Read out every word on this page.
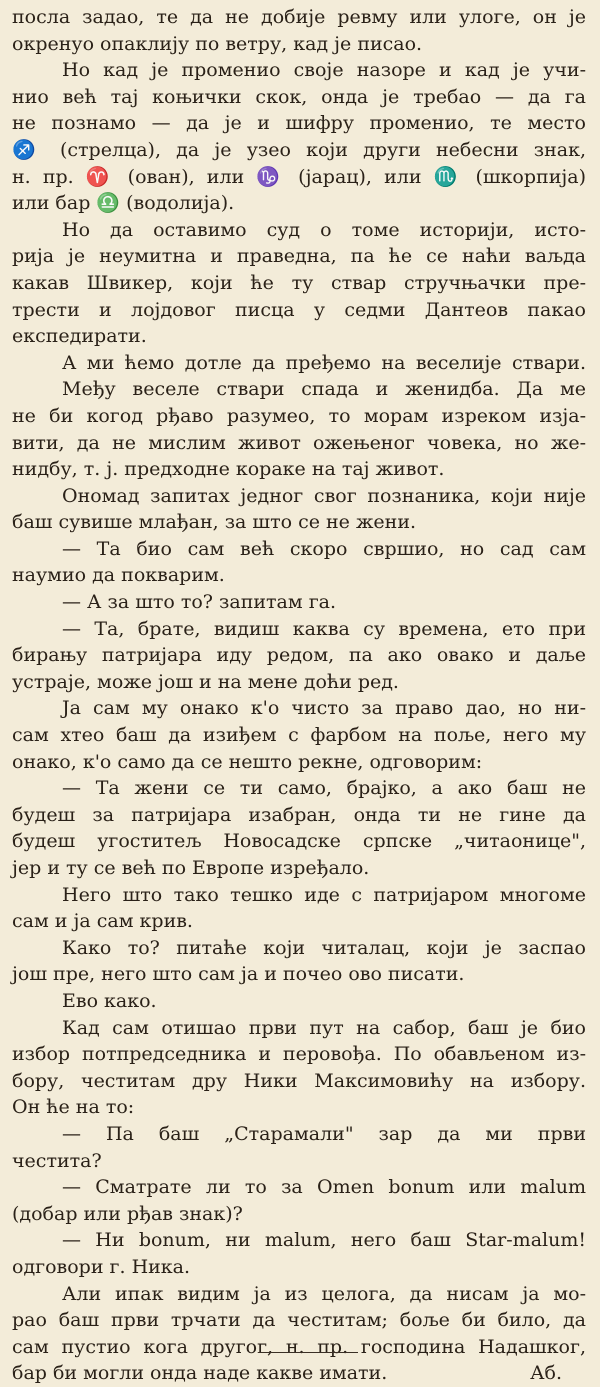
посла задао, те да не добије ревму или улоге, он је
окренуо опаклију по ветру, кад је писао.
Но кад је променио своје назоре и кад је учи-
нио већ тај коњички скок, онда је требао — да га
не познамо — да је и шифру променио, те место
♐ (стрелца), да је узео који други небесни знак,
н. пр. ♈ (ован), или ♑ (јарац), или ♏ (шкорпија)
или бар ♎ (водолија).
Но да оставимо суд о томе историји, исто-
рија је неумитна и праведна, па ће се наћи ваљда
какав Швикер, који ће ту ствар стручњачки пре-
трести и лојдовог писца у седми Дантеов пакао
експедирати.
А ми ћемо дотле да пређемо на веселије ствари.
Међу веселе ствари спада и женидба. Да ме
не би когод рђаво разумео, то морам изреком изја-
вити, да не мислим живот ожењеног човека, но же-
нидбу, т. ј. предходне кораке на тај живот.
Ономад запитах једног свог познаника, који није
баш сувише млађан, за што се не жени.
— Та био сам већ скоро свршио, но сад сам
наумио да покварим.
— А за што то? запитам га.
— Та, брате, видиш каква су времена, ето при
бирању патријара иду редом, па ако овако и даље
устраје, може још и на мене доћи ред.
Ја сам му онако к'о чисто за право дао, но ни-
сам хтео баш да изиђем с фарбом на поље, него му
онако, к'о само да се нешто рекне, одговорим:
— Та жени се ти само, брајко, а ако баш не
будеш за патријара изабран, онда ти не гине да
будеш угоститељ Новосадске српске „читаонице",
јер и ту се већ по Европе изређало.
Него што тако тешко иде с патријаром многоме
сам и ја сам крив.
Како то? питаће који читалац, који је заспао
још пре, него што сам ја и почео ово писати.
Ево како.
Кад сам отишао први пут на сабор, баш је био
избор потпредседника и перовођа. По обављеном из-
бору, честитам дру Ники Максимовићу на избору.
Он ће на то:
— Па баш „Старамали" зар да ми први
честита?
— Сматрате ли то за Omen bonum или malum
(добар или рђав знак)?
— Ни bonum, ни malum, него баш Star-malum!
одговори г. Ника.
Али ипак видим ја из целога, да нисам ја мо-
рао баш први трчати да честитам; боље би било, да
сам пустио кога другог, н. пр. господина Надашког,
бар би могли онда наде какве имати.	Аб.
